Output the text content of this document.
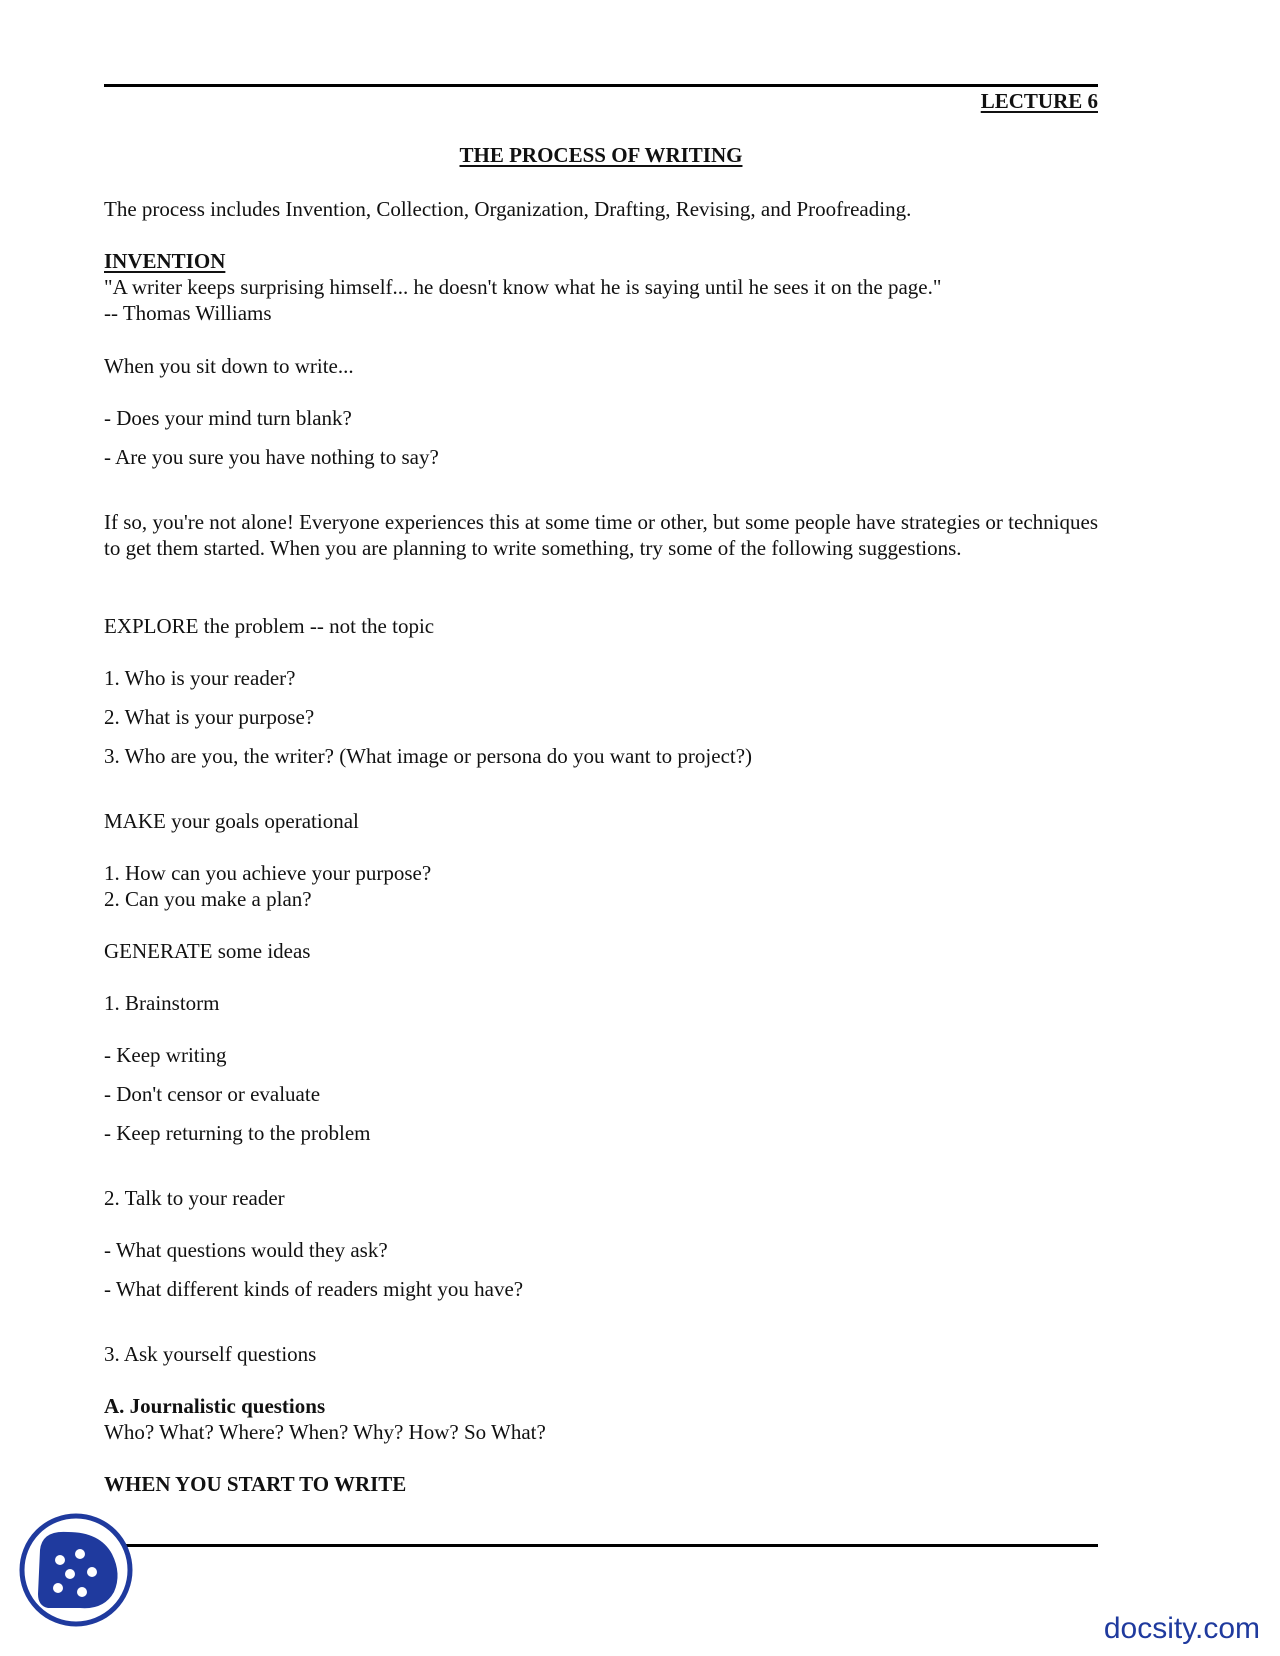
LECTURE 6
THE PROCESS OF WRITING
The process includes Invention, Collection, Organization, Drafting, Revising, and Proofreading.
INVENTION
"A writer keeps surprising himself... he doesn't know what he is saying until he sees it on the page."
-- Thomas Williams
When you sit down to write...
- Does your mind turn blank?
- Are you sure you have nothing to say?
If so, you're not alone! Everyone experiences this at some time or other, but some people have strategies or techniques to get them started. When you are planning to write something, try some of the following suggestions.
EXPLORE the problem -- not the topic
1. Who is your reader?
2. What is your purpose?
3. Who are you, the writer? (What image or persona do you want to project?)
MAKE your goals operational
1. How can you achieve your purpose?
2. Can you make a plan?
GENERATE some ideas
1. Brainstorm
- Keep writing
- Don't censor or evaluate
- Keep returning to the problem
2. Talk to your reader
- What questions would they ask?
- What different kinds of readers might you have?
3. Ask yourself questions
A. Journalistic questions
Who? What? Where? When? Why? How? So What?
WHEN YOU START TO WRITE
docsity.com
